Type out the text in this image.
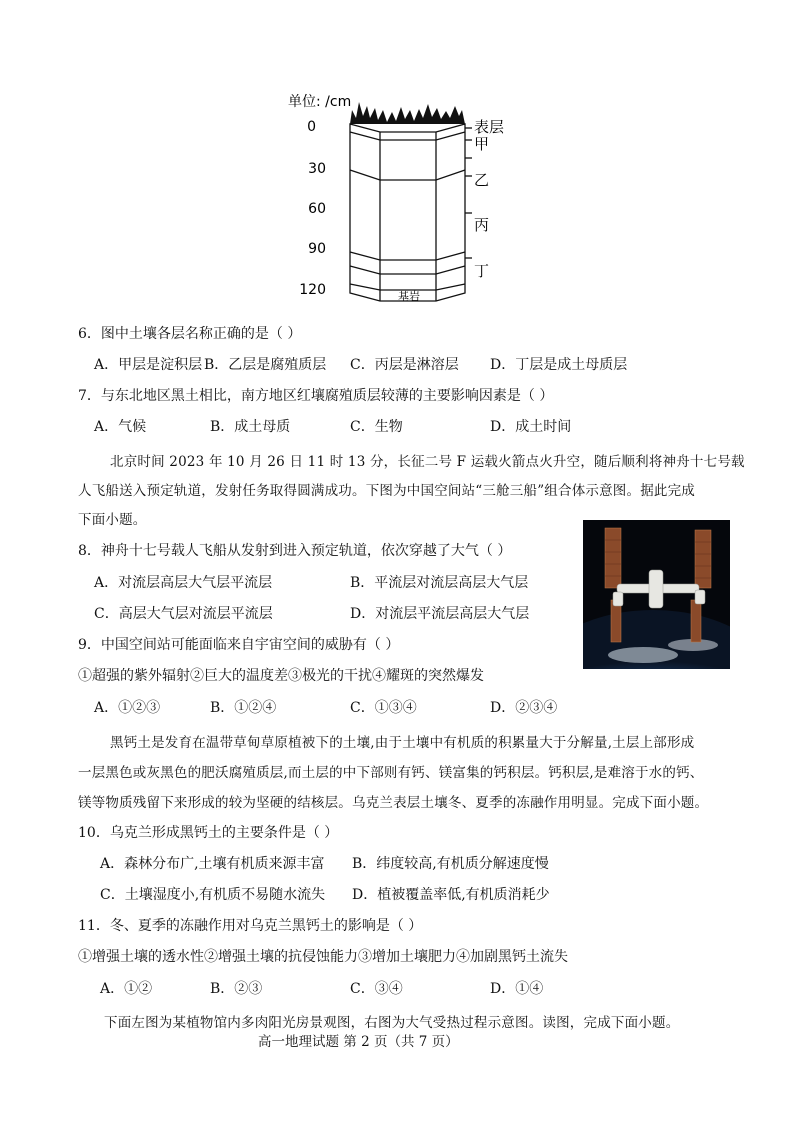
单位: /cm
0
30
60
90
120	基岩
表层
甲
乙
丙
丁
6．图中土壤各层名称正确的是（ ）
A．甲层是淀积层 B．乙层是腐殖质层 C．丙层是淋溶层 D．丁层是成土母质层
7．与东北地区黑土相比，南方地区红壤腐殖质层较薄的主要影响因素是（ ）
A．气候	B．成土母质	C．生物	D．成土时间
北京时间 2023 年 10 月 26 日 11 时 13 分，长征二号 F 运载火箭点火升空，随后顺利将神舟十七号载
人飞船送入预定轨道，发射任务取得圆满成功。下图为中国空间站“三舱三船”组合体示意图。据此完成
下面小题。
8．神舟十七号载人飞船从发射到进入预定轨道，依次穿越了大气（ ）
A．对流层高层大气层平流层	B．平流层对流层高层大气层
C．高层大气层对流层平流层	D．对流层平流层高层大气层
9．中国空间站可能面临来自宇宙空间的威胁有（ ）
①超强的紫外辐射②巨大的温度差③极光的干扰④耀斑的突然爆发
A．①②③	B．①②④	C．①③④	D．②③④
黑钙土是发育在温带草甸草原植被下的土壤,由于土壤中有机质的积累量大于分解量,土层上部形成
一层黑色或灰黑色的肥沃腐殖质层,而土层的中下部则有钙、镁富集的钙积层。钙积层,是难溶于水的钙、
镁等物质残留下来形成的较为坚硬的结核层。乌克兰表层土壤冬、夏季的冻融作用明显。完成下面小题。
10．乌克兰形成黑钙土的主要条件是（ ）
A．森林分布广,土壤有机质来源丰富 B．纬度较高,有机质分解速度慢
C．土壤湿度小,有机质不易随水流失 D．植被覆盖率低,有机质消耗少
11．冬、夏季的冻融作用对乌克兰黑钙土的影响是（ ）
①增强土壤的透水性②增强土壤的抗侵蚀能力③增加土壤肥力④加剧黑钙土流失
A．①②	B．②③	C．③④	D．①④
下面左图为某植物馆内多肉阳光房景观图，右图为大气受热过程示意图。读图，完成下面小题。
高一地理试题 第 2 页（共 7 页）
